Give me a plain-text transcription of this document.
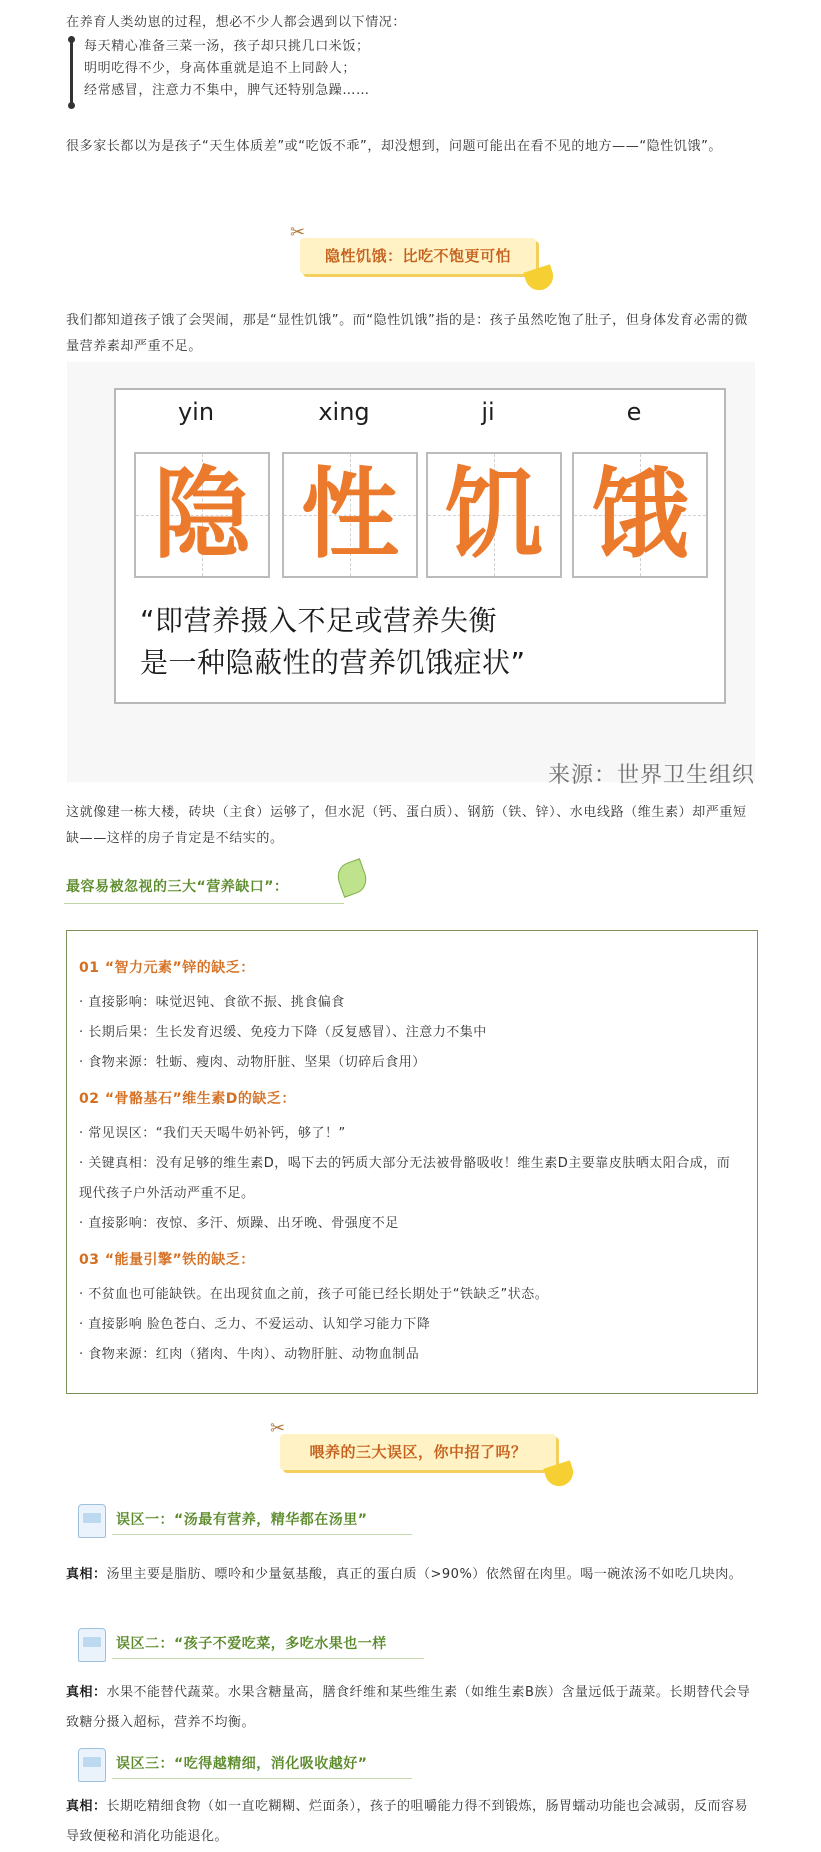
在养育人类幼崽的过程，想必不少人都会遇到以下情况：

每天精心准备三菜一汤，孩子却只挑几口米饭；
明明吃得不少，身高体重就是追不上同龄人；
经常感冒，注意力不集中，脾气还特别急躁……

很多家长都以为是孩子“天生体质差”或“吃饭不乖”，却没想到，问题可能出在看不见的地方——“隐性饥饿”。

✂
隐性饥饿：比吃不饱更可怕

我们都知道孩子饿了会哭闹，那是“显性饥饿”。而“隐性饥饿”指的是：孩子虽然吃饱了肚子，但身体发育必需的微量营养素却严重不足。

yin	xing	ji	e
隐 性 饥 饿
“即营养摄入不足或营养失衡
是一种隐蔽性的营养饥饿症状”
来源：世界卫生组织

这就像建一栋大楼，砖块（主食）运够了，但水泥（钙、蛋白质）、钢筋（铁、锌）、水电线路（维生素）却严重短缺——这样的房子肯定是不结实的。

最容易被忽视的三大“营养缺口”：
01 “智力元素”锌的缺乏：
· 直接影响：味觉迟钝、食欲不振、挑食偏食
· 长期后果：生长发育迟缓、免疫力下降（反复感冒）、注意力不集中
· 食物来源：牡蛎、瘦肉、动物肝脏、坚果（切碎后食用）
02 “骨骼基石”维生素D的缺乏：
· 常见误区：“我们天天喝牛奶补钙，够了！”
· 关键真相：没有足够的维生素D，喝下去的钙质大部分无法被骨骼吸收！维生素D主要靠皮肤晒太阳合成，而现代孩子户外活动严重不足。
· 直接影响：夜惊、多汗、烦躁、出牙晚、骨强度不足
03 “能量引擎”铁的缺乏：
· 不贫血也可能缺铁。在出现贫血之前，孩子可能已经长期处于“铁缺乏”状态。
· 直接影响 脸色苍白、乏力、不爱运动、认知学习能力下降
· 食物来源：红肉（猪肉、牛肉）、动物肝脏、动物血制品
✂
喂养的三大误区，你中招了吗？
误区一：“汤最有营养，精华都在汤里”

真相：汤里主要是脂肪、嘌呤和少量氨基酸，真正的蛋白质（>90%）依然留在肉里。喝一碗浓汤不如吃几块肉。

误区二：“孩子不爱吃菜，多吃水果也一样

真相：水果不能替代蔬菜。水果含糖量高，膳食纤维和某些维生素（如维生素B族）含量远低于蔬菜。长期替代会导致糖分摄入超标，营养不均衡。

误区三：“吃得越精细，消化吸收越好”

真相：长期吃精细食物（如一直吃糊糊、烂面条），孩子的咀嚼能力得不到锻炼，肠胃蠕动功能也会减弱，反而容易导致便秘和消化功能退化。
